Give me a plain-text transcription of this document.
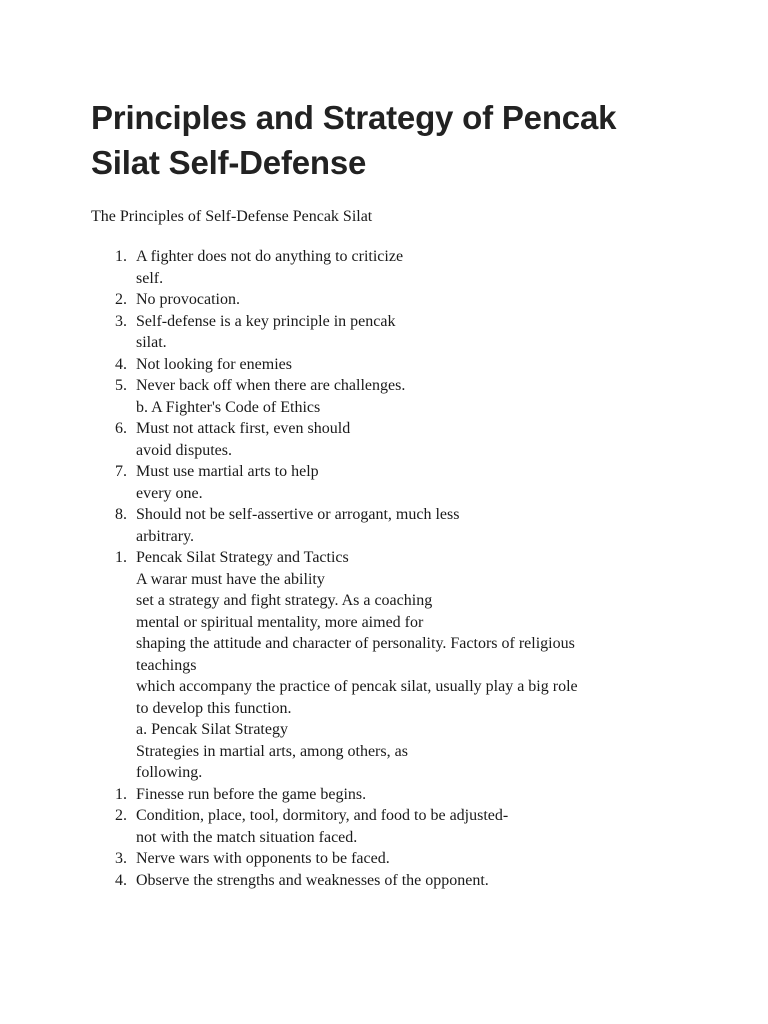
Principles and Strategy of Pencak
Silat Self-Defense

The Principles of Self-Defense Pencak Silat

1. A fighter does not do anything to criticize
self.
2. No provocation.
3. Self-defense is a key principle in pencak
silat.
4. Not looking for enemies
5. Never back off when there are challenges.
b. A Fighter's Code of Ethics
6. Must not attack first, even should
avoid disputes.
7. Must use martial arts to help
every one.
8. Should not be self-assertive or arrogant, much less
arbitrary.
1. Pencak Silat Strategy and Tactics
A warar must have the ability
set a strategy and fight strategy. As a coaching
mental or spiritual mentality, more aimed for
shaping the attitude and character of personality. Factors of religious
teachings
which accompany the practice of pencak silat, usually play a big role
to develop this function.
a. Pencak Silat Strategy
Strategies in martial arts, among others, as
following.
1. Finesse run before the game begins.
2. Condition, place, tool, dormitory, and food to be adjusted-
not with the match situation faced.
3. Nerve wars with opponents to be faced.
4. Observe the strengths and weaknesses of the opponent.
